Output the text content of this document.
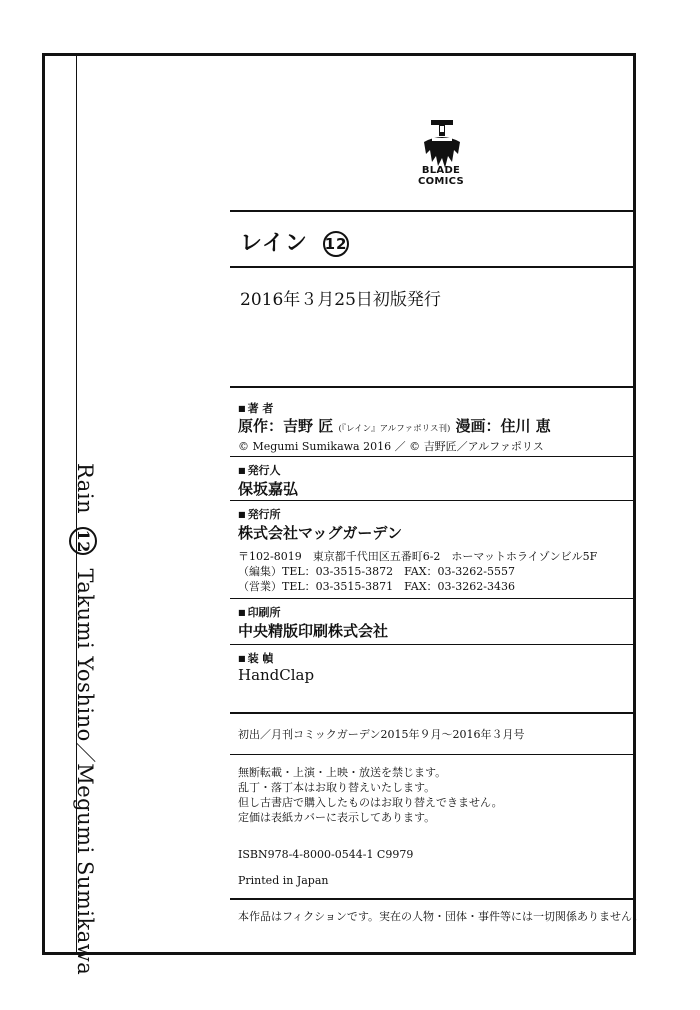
Rain 12 Takumi Yoshino／Megumi Sumikawa
BLADE
COMICS
レイン 12
2016年３月25日初版発行
■ 著 者
原作：吉野 匠 (『レイン』アルファポリス刊) 漫画：住川 恵
© Megumi Sumikawa 2016 ／ © 吉野匠／アルファポリス
■ 発行人
保坂嘉弘
■ 発行所
株式会社マッグガーデン
〒102-8019　東京都千代田区五番町6-2　ホーマットホライゾンビル5F
（編集）TEL：03-3515-3872　FAX：03-3262-5557
（営業）TEL：03-3515-3871　FAX：03-3262-3436
■ 印刷所
中央精版印刷株式会社
■ 装 幀
HandClap
初出／月刊コミックガーデン2015年９月～2016年３月号
無断転載・上演・上映・放送を禁じます。
乱丁・落丁本はお取り替えいたします。
但し古書店で購入したものはお取り替えできません。
定価は表紙カバーに表示してあります。
ISBN978-4-8000-0544-1 C9979
Printed in Japan
本作品はフィクションです。実在の人物・団体・事件等には一切関係ありません。
